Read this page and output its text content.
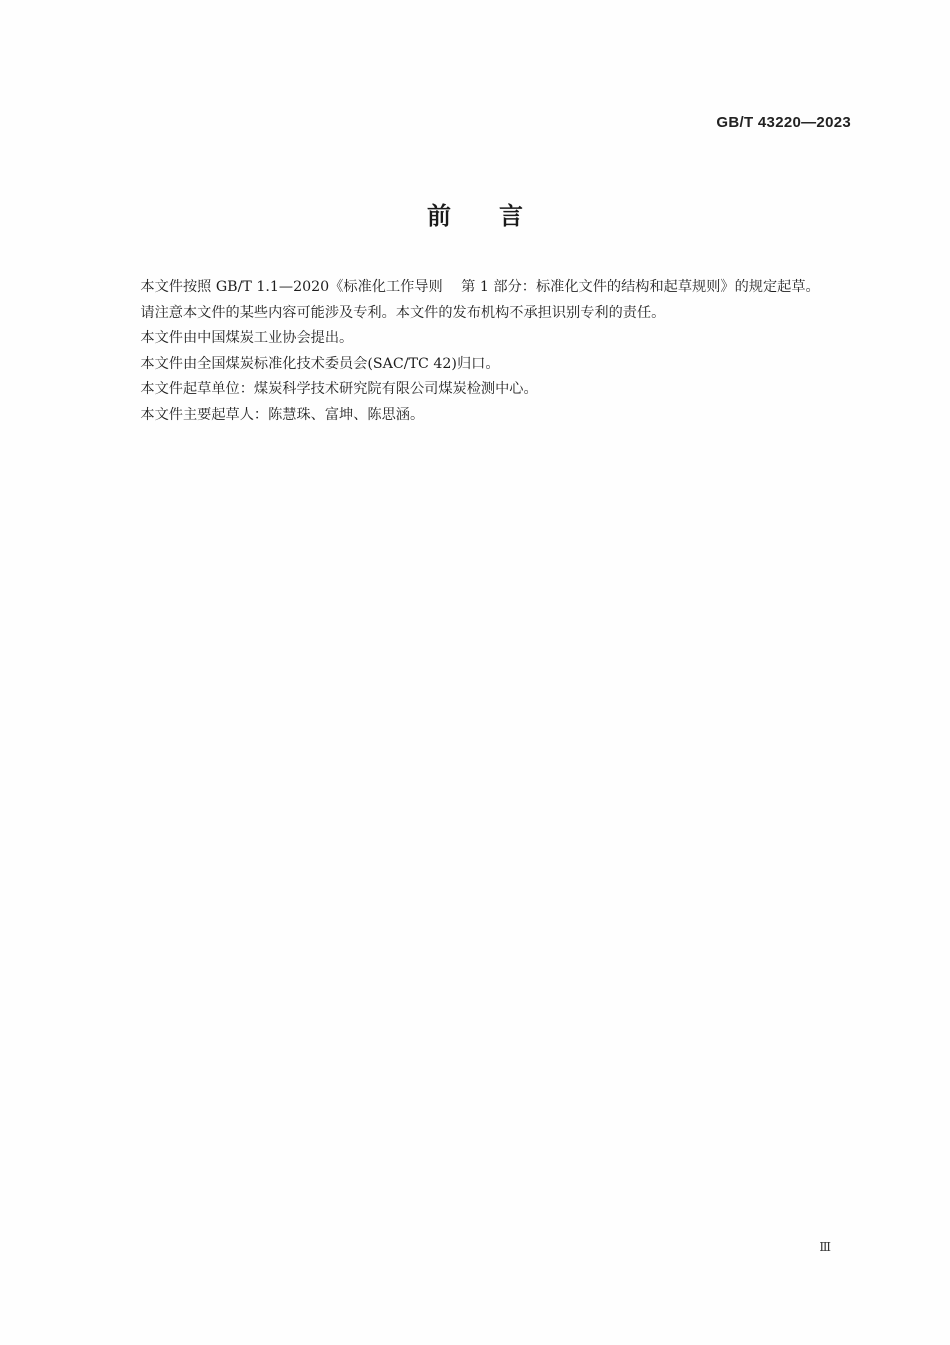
GB/T 43220—2023
前 言

本文件按照 GB/T 1.1—2020《标准化工作导则 第 1 部分：标准化文件的结构和起草规则》的规定起草。

请注意本文件的某些内容可能涉及专利。本文件的发布机构不承担识别专利的责任。

本文件由中国煤炭工业协会提出。

本文件由全国煤炭标准化技术委员会(SAC/TC 42)归口。

本文件起草单位：煤炭科学技术研究院有限公司煤炭检测中心。

本文件主要起草人：陈慧珠、富坤、陈思涵。

Ⅲ
